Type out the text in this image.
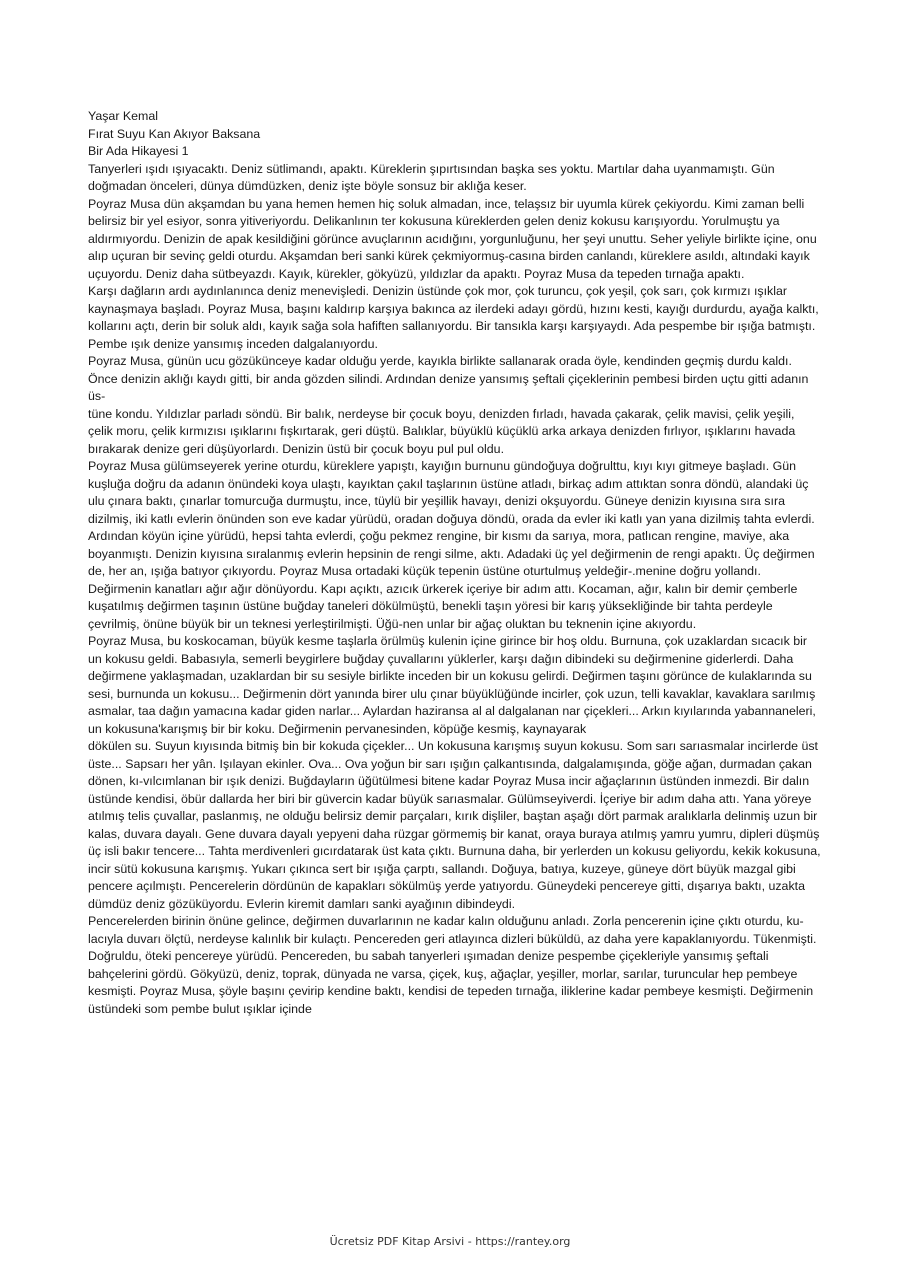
Yaşar Kemal

Fırat Suyu Kan Akıyor Baksana

Bir Ada Hikayesi 1

Tanyerleri ışıdı ışıyacaktı. Deniz sütlimandı, apaktı. Küreklerin şıpırtısından başka ses yoktu. Martılar daha uyanmamıştı. Gün doğmadan önceleri, dünya dümdüzken, deniz işte böyle sonsuz bir aklığa keser.

Poyraz Musa dün akşamdan bu yana hemen hemen hiç soluk almadan, ince, telaşsız bir uyumla kürek çekiyordu. Kimi zaman belli belirsiz bir yel esiyor, sonra yitiveriyordu. Delikanlının ter kokusuna küreklerden gelen deniz kokusu karışıyordu. Yorulmuştu ya aldırmıyordu. Denizin de apak kesildiğini görünce avuçlarının acıdığını, yorgunluğunu, her şeyi unuttu. Seher yeliyle birlikte içine, onu alıp uçuran bir sevinç geldi oturdu. Akşamdan beri sanki kürek çekmiyormuş-casına birden canlandı, küreklere asıldı, altındaki kayık uçuyordu. Deniz daha sütbeyazdı. Kayık, kürekler, gökyüzü, yıldızlar da apaktı. Poyraz Musa da tepeden tırnağa apaktı.

Karşı dağların ardı aydınlanınca deniz menevişledi. Denizin üstünde çok mor, çok turuncu, çok yeşil, çok sarı, çok kırmızı ışıklar kaynaşmaya başladı. Poyraz Musa, başını kaldırıp karşıya bakınca az ilerdeki adayı gördü, hızını kesti, kayığı durdurdu, ayağa kalktı, kollarını açtı, derin bir soluk aldı, kayık sağa sola hafiften sallanıyordu. Bir tansıkla karşı karşıyaydı. Ada pespembe bir ışığa batmıştı. Pembe ışık denize yansımış inceden dalgalanıyordu.

Poyraz Musa, günün ucu gözükünceye kadar olduğu yerde, kayıkla birlikte sallanarak orada öyle, kendinden geçmiş durdu kaldı. Önce denizin aklığı kaydı gitti, bir anda gözden silindi. Ardından denize yansımış şeftali çiçeklerinin pembesi birden uçtu gitti adanın üs-

tüne kondu. Yıldızlar parladı söndü. Bir balık, nerdeyse bir çocuk boyu, denizden fırladı, havada çakarak, çelik mavisi, çelik yeşili, çelik moru, çelik kırmızısı ışıklarını fışkırtarak, geri düştü. Balıklar, büyüklü küçüklü arka arkaya denizden fırlıyor, ışıklarını havada bırakarak denize geri düşüyorlardı. Denizin üstü bir çocuk boyu pul pul oldu.

Poyraz Musa gülümseyerek yerine oturdu, küreklere yapıştı, kayığın burnunu gündoğuya doğrulttu, kıyı kıyı gitmeye başladı. Gün kuşluğa doğru da adanın önündeki koya ulaştı, kayıktan çakıl taşlarının üstüne atladı, birkaç adım attıktan sonra döndü, alandaki üç ulu çınara baktı, çınarlar tomurcuğa durmuştu, ince, tüylü bir yeşillik havayı, denizi okşuyordu. Güneye denizin kıyısına sıra sıra dizilmiş, iki katlı evlerin önünden son eve kadar yürüdü, oradan doğuya döndü, orada da evler iki katlı yan yana dizilmiş tahta evlerdi. Ardından köyün içine yürüdü, hepsi tahta evlerdi, çoğu pekmez rengine, bir kısmı da sarıya, mora, patlıcan rengine, maviye, aka boyanmıştı. Denizin kıyısına sıralanmış evlerin hepsinin de rengi silme, aktı. Adadaki üç yel değirmenin de rengi apaktı. Üç değirmen de, her an, ışığa batıyor çıkıyordu. Poyraz Musa ortadaki küçük tepenin üstüne oturtulmuş yeldeğir-.menine doğru yollandı. Değirmenin kanatları ağır ağır dönüyordu. Kapı açıktı, azıcık ürkerek içeriye bir adım attı. Kocaman, ağır, kalın bir demir çemberle kuşatılmış değirmen taşının üstüne buğday taneleri dökülmüştü, benekli taşın yöresi bir karış yüksekliğinde bir tahta perdeyle çevrilmiş, önüne büyük bir un teknesi yerleştirilmişti. Üğü-nen unlar bir ağaç oluktan bu teknenin içine akıyordu.

Poyraz Musa, bu koskocaman, büyük kesme taşlarla örülmüş kulenin içine girince bir hoş oldu. Burnuna, çok uzaklardan sıcacık bir un kokusu geldi. Babasıyla, semerli beygirlere buğday çuvallarını yüklerler, karşı dağın dibindeki su değirmenine giderlerdi. Daha değirmene yaklaşmadan, uzaklardan bir su sesiyle birlikte inceden bir un kokusu gelirdi. Değirmen taşını görünce de kulaklarında su sesi, burnunda un kokusu... Değirmenin dört yanında birer ulu çınar büyüklüğünde incirler, çok uzun, telli kavaklar, kavaklara sarılmış asmalar, taa dağın yamacına kadar giden narlar... Aylardan haziransa al al dalgalanan nar çiçekleri... Arkın kıyılarında yabannaneleri, un kokusuna'karışmış bir bir koku. Değirmenin pervanesinden, köpüğe kesmiş, kaynayarak

dökülen su. Suyun kıyısında bitmiş bin bir kokuda çiçekler... Un kokusuna karışmış suyun kokusu. Som sarı sarıasmalar incirlerde üst üste... Sapsarı her yân. Işılayan ekinler. Ova... Ova yoğun bir sarı ışığın çalkantısında, dalgalamışında, göğe ağan, durmadan çakan dönen, kı-vılcımlanan bir ışık denizi. Buğdayların üğütülmesi bitene kadar Poyraz Musa incir ağaçlarının üstünden inmezdi. Bir dalın üstünde kendisi, öbür dallarda her biri bir güvercin kadar büyük sarıasmalar. Gülümseyiverdi. İçeriye bir adım daha attı. Yana yöreye atılmış telis çuvallar, paslanmış, ne olduğu belirsiz demir parçaları, kırık dişliler, baştan aşağı dört parmak aralıklarla delinmiş uzun bir kalas, duvara dayalı. Gene duvara dayalı yepyeni daha rüzgar görmemiş bir kanat, oraya buraya atılmış yamru yumru, dipleri düşmüş üç isli bakır tencere... Tahta merdivenleri gıcırdatarak üst kata çıktı. Burnuna daha, bir yerlerden un kokusu geliyordu, kekik kokusuna, incir sütü kokusuna karışmış. Yukarı çıkınca sert bir ışığa çarptı, sallandı. Doğuya, batıya, kuzeye, güneye dört büyük mazgal gibi pencere açılmıştı. Pencerelerin dördünün de kapakları sökülmüş yerde yatıyordu. Güneydeki pencereye gitti, dışarıya baktı, uzakta dümdüz deniz gözüküyordu. Evlerin kiremit damları sanki ayağının dibindeydi.

Pencerelerden birinin önüne gelince, değirmen duvarlarının ne kadar kalın olduğunu anladı. Zorla pencerenin içine çıktı oturdu, ku-lacıyla duvarı ölçtü, nerdeyse kalınlık bir kulaçtı. Pencereden geri atlayınca dizleri büküldü, az daha yere kapaklanıyordu. Tükenmişti. Doğruldu, öteki pencereye yürüdü. Pencereden, bu sabah tanyerleri ışımadan denize pespembe çiçekleriyle yansımış şeftali bahçelerini gördü. Gökyüzü, deniz, toprak, dünyada ne varsa, çiçek, kuş, ağaçlar, yeşiller, morlar, sarılar, turuncular hep pembeye kesmişti. Poyraz Musa, şöyle başını çevirip kendine baktı, kendisi de tepeden tırnağa, iliklerine kadar pembeye kesmişti. Değirmenin üstündeki som pembe bulut ışıklar içinde

Ücretsiz PDF Kitap Arsivi - https://rantey.org
